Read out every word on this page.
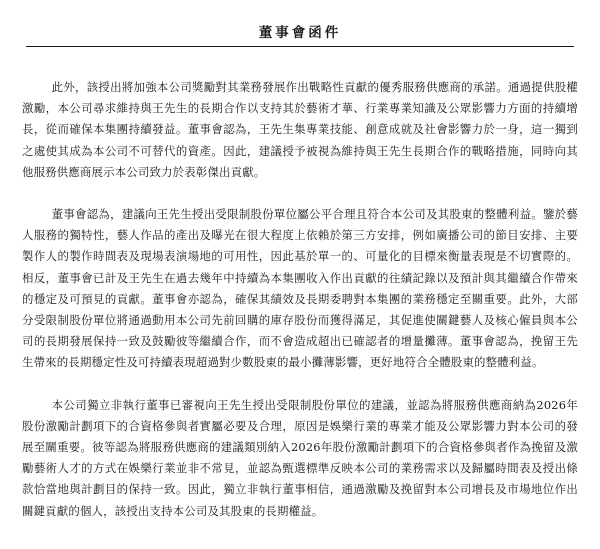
董事會函件

此外，該授出將加強本公司獎勵對其業務發展作出戰略性貢獻的優秀服務供應商的承諾。通過提供股權激勵，本公司尋求維持與王先生的長期合作以支持其於藝術才華、行業專業知識及公眾影響力方面的持續增長，從而確保本集團持續發益。董事會認為，王先生集專業技能、創意成就及社會影響力於一身，這一獨到之處使其成為本公司不可替代的資產。因此，建議授予被視為維持與王先生長期合作的戰略措施，同時向其他服務供應商展示本公司致力於表彰傑出貢獻。

董事會認為，建議向王先生授出受限制股份單位屬公平合理且符合本公司及其股東的整體利益。鑒於藝人服務的獨特性，藝人作品的產出及曝光在很大程度上依賴於第三方安排，例如廣播公司的節目安排、主要製作人的製作時間表及現場表演場地的可用性，因此基於單一的、可量化的目標來衡量表現是不切實際的。相反，董事會已計及王先生在過去幾年中持續為本集團收入作出貢獻的往績記錄以及預計與其繼續合作帶來的穩定及可預見的貢獻。董事會亦認為，確保其績效及長期委聘對本集團的業務穩定至關重要。此外，大部分受限制股份單位將通過動用本公司先前回購的庫存股份而獲得滿足，其促進使關鍵藝人及核心僱員與本公司的長期發展保持一致及鼓勵彼等繼續合作，而不會造成超出已確認者的增量攤薄。董事會認為，挽留王先生帶來的長期穩定性及可持續表現超過對少數股東的最小攤薄影響，更好地符合全體股東的整體利益。

本公司獨立非執行董事已審視向王先生授出受限制股份單位的建議，並認為將服務供應商納為2026年股份激勵計劃項下的合資格參與者實屬必要及合理，原因是娛樂行業的專業才能及公眾影響力對本公司的發展至關重要。彼等認為將服務供應商的建議類別納入2026年股份激勵計劃項下的合資格參與者作為挽留及激勵藝術人才的方式在娛樂行業並非不常見，並認為甄選標準反映本公司的業務需求以及歸屬時間表及授出條款恰當地與計劃目的保持一致。因此，獨立非執行董事相信，通過激勵及挽留對本公司增長及市場地位作出關鍵貢獻的個人，該授出支持本公司及其股東的長期權益。
